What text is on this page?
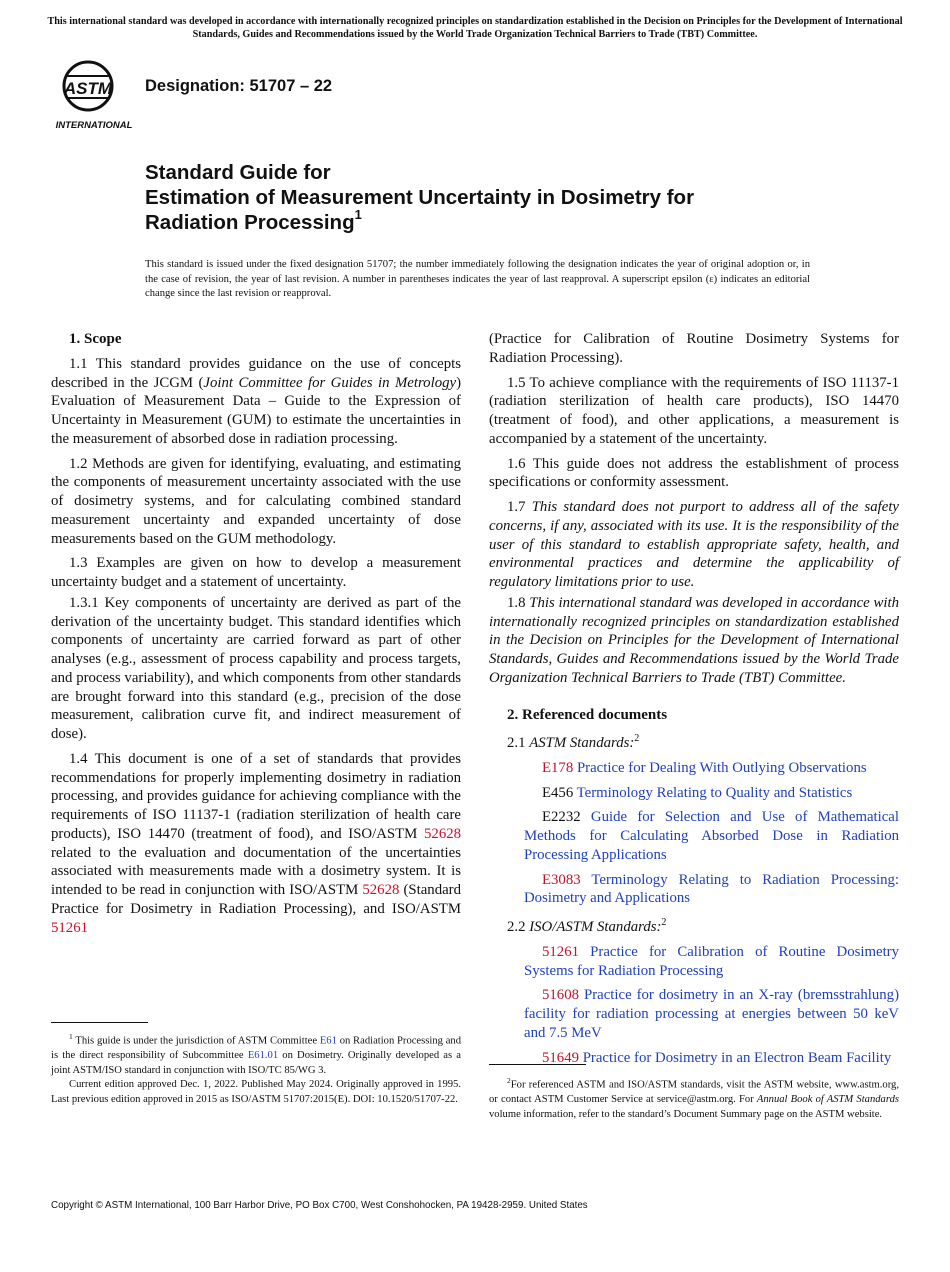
This international standard was developed in accordance with internationally recognized principles on standardization established in the Decision on Principles for the Development of International Standards, Guides and Recommendations issued by the World Trade Organization Technical Barriers to Trade (TBT) Committee.
ASTM
INTERNATIONAL
Designation: 51707 – 22
Standard Guide for
Estimation of Measurement Uncertainty in Dosimetry for
Radiation Processing$^1$
This standard is issued under the fixed designation 51707; the number immediately following the designation indicates the year of original adoption or, in the case of revision, the year of last revision. A number in parentheses indicates the year of last reapproval. A superscript epsilon (ε) indicates an editorial change since the last revision or reapproval.

1. Scope

1.1 This standard provides guidance on the use of concepts described in the JCGM (Joint Committee for Guides in Metrology) Evaluation of Measurement Data – Guide to the Expression of Uncertainty in Measurement (GUM) to estimate the uncertainties in the measurement of absorbed dose in radiation processing.

1.2 Methods are given for identifying, evaluating, and estimating the components of measurement uncertainty associated with the use of dosimetry systems, and for calculating combined standard measurement uncertainty and expanded uncertainty of dose measurements based on the GUM methodology.

1.3 Examples are given on how to develop a measurement uncertainty budget and a statement of uncertainty.

1.3.1 Key components of uncertainty are derived as part of the derivation of the uncertainty budget. This standard identifies which components of uncertainty are carried forward as part of other analyses (e.g., assessment of process capability and process targets, and process variability), and which components from other standards are brought forward into this standard (e.g., precision of the dose measurement, calibration curve fit, and indirect measurement of dose).

1.4 This document is one of a set of standards that provides recommendations for properly implementing dosimetry in radiation processing, and provides guidance for achieving compliance with the requirements of ISO 11137-1 (radiation sterilization of health care products), ISO 14470 (treatment of food), and ISO/ASTM 52628 related to the evaluation and documentation of the uncertainties associated with measurements made with a dosimetry system. It is intended to be read in conjunction with ISO/ASTM 52628 (Standard Practice for Dosimetry in Radiation Processing), and ISO/ASTM 51261

(Practice for Calibration of Routine Dosimetry Systems for Radiation Processing).

1.5 To achieve compliance with the requirements of ISO 11137-1 (radiation sterilization of health care products), ISO 14470 (treatment of food), and other applications, a measurement is accompanied by a statement of the uncertainty.

1.6 This guide does not address the establishment of process specifications or conformity assessment.

1.7 This standard does not purport to address all of the safety concerns, if any, associated with its use. It is the responsibility of the user of this standard to establish appropriate safety, health, and environmental practices and determine the applicability of regulatory limitations prior to use.

1.8 This international standard was developed in accordance with internationally recognized principles on standardization established in the Decision on Principles for the Development of International Standards, Guides and Recommendations issued by the World Trade Organization Technical Barriers to Trade (TBT) Committee.

2. Referenced documents

2.1 ASTM Standards:$^2$

E178 Practice for Dealing With Outlying Observations

E456 Terminology Relating to Quality and Statistics

E2232 Guide for Selection and Use of Mathematical Methods for Calculating Absorbed Dose in Radiation Processing Applications

E3083 Terminology Relating to Radiation Processing: Dosimetry and Applications

2.2 ISO/ASTM Standards:$^2$

51261 Practice for Calibration of Routine Dosimetry Systems for Radiation Processing

51608 Practice for dosimetry in an X-ray (bremsstrahlung) facility for radiation processing at energies between 50 keV and 7.5 MeV

51649 Practice for Dosimetry in an Electron Beam Facility

$^1$ This guide is under the jurisdiction of ASTM Committee E61 on Radiation Processing and is the direct responsibility of Subcommittee E61.01 on Dosimetry. Originally developed as a joint ASTM/ISO standard in conjunction with ISO/TC 85/WG 3.

Current edition approved Dec. 1, 2022. Published May 2024. Originally approved in 1995. Last previous edition approved in 2015 as ISO/ASTM 51707:2015(E). DOI: 10.1520/51707-22.

$^2$For referenced ASTM and ISO/ASTM standards, visit the ASTM website, www.astm.org, or contact ASTM Customer Service at service@astm.org. For Annual Book of ASTM Standards volume information, refer to the standard’s Document Summary page on the ASTM website.

Copyright © ASTM International, 100 Barr Harbor Drive, PO Box C700, West Conshohocken, PA 19428-2959. United States
